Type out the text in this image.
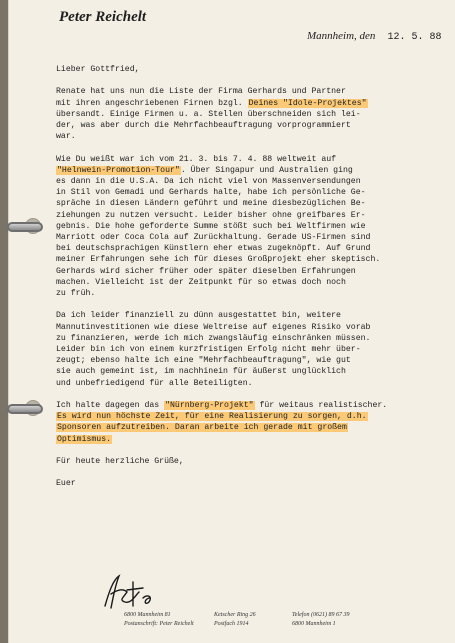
Peter Reichelt
Mannheim, den 12. 5. 88

Lieber Gottfried,

Renate hat uns nun die Liste der Firma Gerhards und Partner
mit ihren angeschriebenen Firnen bzgl. Deines "Idole-Projektes"
übersandt. Einige Firmen u. a. Stellen überschneiden sich lei-
der, was aber durch die Mehrfachbeauftragung vorprogrammiert
war.

Wie Du weißt war ich vom 21. 3. bis 7. 4. 88 weltweit auf
"Helnwein-Promotion-Tour". Über Singapur und Australien ging
es dann in die U.S.A. Da ich nicht viel von Massenversendungen
in Stil von Gemadi und Gerhards halte, habe ich persönliche Ge-
spräche in diesen Ländern geführt und meine diesbezüglichen Be-
ziehungen zu nutzen versucht. Leider bisher ohne greifbares Er-
gebnis. Die hohe geforderte Summe stößt such bei Weltfirmen wie
Marriott oder Coca Cola auf Zurückhaltung. Gerade US-Firmen sind
bei deutschsprachigen Künstlern eher etwas zugeknöpft. Auf Grund
meiner Erfahrungen sehe ich für dieses Großprojekt eher skeptisch.
Gerhards wird sicher früher oder später dieselben Erfahrungen
machen. Vielleicht ist der Zeitpunkt für so etwas doch noch
zu früh.

Da ich leider finanziell zu dünn ausgestattet bin, weitere
Mannutinvestitionen wie diese Weltreise auf eigenes Risiko vorab
zu finanzieren, werde ich mich zwangsläufig einschränken müssen.
Leider bin ich von einem kurzfristigen Erfolg nicht mehr über-
zeugt; ebenso halte ich eine "Mehrfachbeauftragung", wie gut
sie auch gemeint ist, im nachhinein für äußerst unglücklich
und unbefriedigend für alle Beteiligten.

Ich halte dagegen das "Nürnberg-Projekt" für weitaus realistischer.
Es wird nun höchste Zeit, für eine Realisierung zu sorgen, d.h.
Sponsoren aufzutreiben. Daran arbeite ich gerade mit großem
Optimismus.

Für heute herzliche Grüße,

Euer

6800 Mannheim 81	Ketscher Ring 26	Telefon (0621) 89 67 39
Postanschrift: Peter Reichelt	Postfach 1914	6800 Mannheim 1
